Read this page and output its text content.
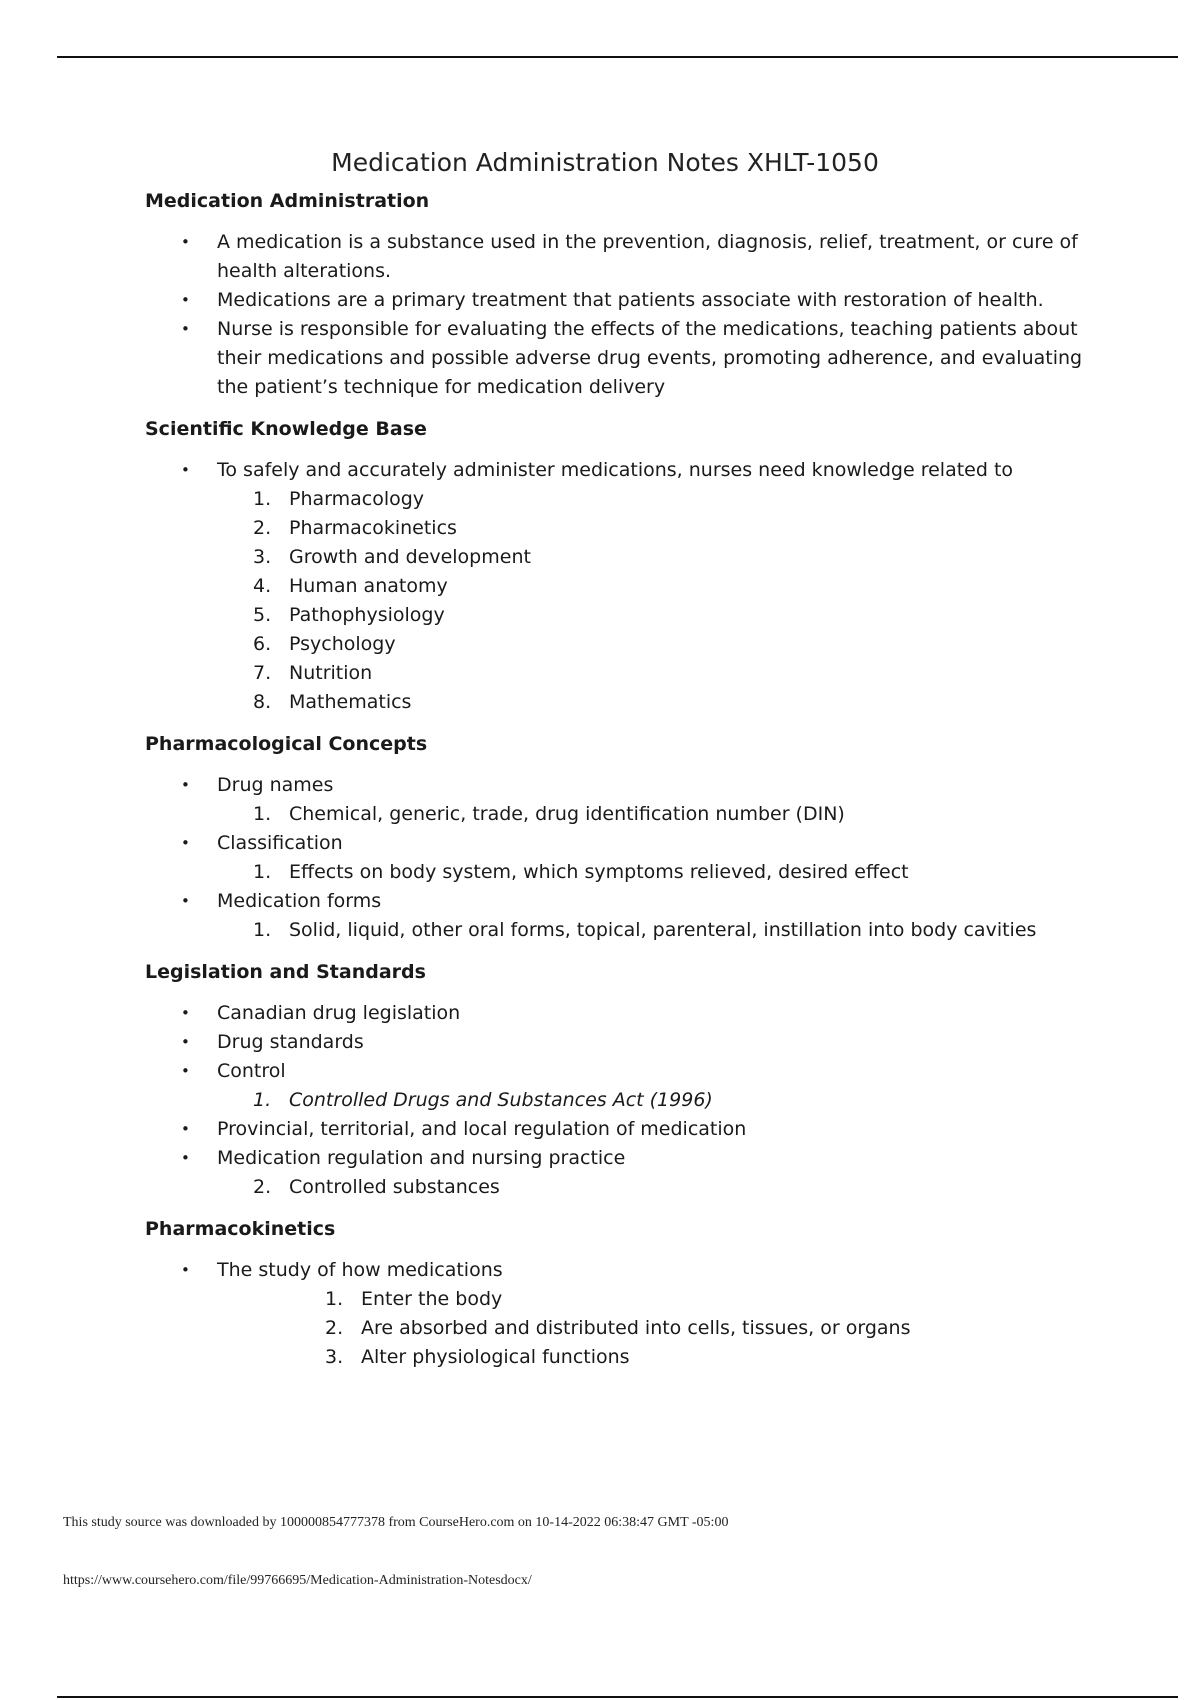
Medication Administration Notes XHLT-1050
Medication Administration
• A medication is a substance used in the prevention, diagnosis, relief, treatment, or cure of health alterations.
• Medications are a primary treatment that patients associate with restoration of health.
• Nurse is responsible for evaluating the effects of the medications, teaching patients about their medications and possible adverse drug events, promoting adherence, and evaluating the patient’s technique for medication delivery
Scientific Knowledge Base
• To safely and accurately administer medications, nurses need knowledge related to
1. Pharmacology
2. Pharmacokinetics
3. Growth and development
4. Human anatomy
5. Pathophysiology
6. Psychology
7. Nutrition
8. Mathematics
Pharmacological Concepts
• Drug names
1. Chemical, generic, trade, drug identification number (DIN)
• Classification
1. Effects on body system, which symptoms relieved, desired effect
• Medication forms
1. Solid, liquid, other oral forms, topical, parenteral, instillation into body cavities
Legislation and Standards
• Canadian drug legislation
• Drug standards
• Control
1. Controlled Drugs and Substances Act (1996)
• Provincial, territorial, and local regulation of medication
• Medication regulation and nursing practice
2. Controlled substances
Pharmacokinetics
• The study of how medications
1. Enter the body
2. Are absorbed and distributed into cells, tissues, or organs
3. Alter physiological functions
This study source was downloaded by 100000854777378 from CourseHero.com on 10-14-2022 06:38:47 GMT -05:00
https://www.coursehero.com/file/99766695/Medication-Administration-Notesdocx/
